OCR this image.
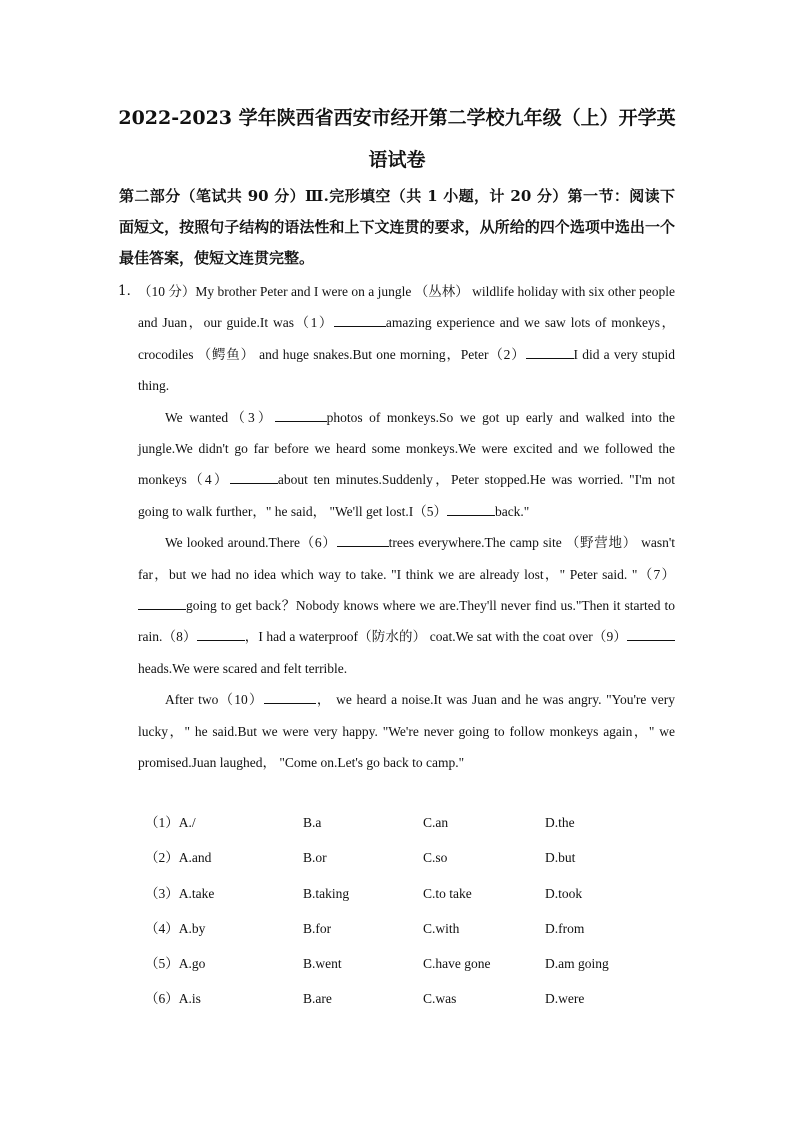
2022-2023 学年陕西省西安市经开第二学校九年级（上）开学英
语试卷
第二部分（笔试共 90 分）Ⅲ.完形填空（共 1 小题，计 20 分）第一节：阅读下面短文，按照句子结构的语法性和上下文连贯的要求，从所给的四个选项中选出一个最佳答案，使短文连贯完整。
1．

（10 分）My brother Peter and I were on a jungle （丛林） wildlife holiday with six other people and Juan，our guide.It was（1）	amazing experience and we saw lots of monkeys，crocodiles （鳄鱼） and huge snakes.But one morning，Peter（2）	I did a very stupid thing.

We wanted（3）	photos of monkeys.So we got up early and walked into the jungle.We didn't go far before we heard some monkeys.We were excited and we followed the monkeys（4）	about ten minutes.Suddenly，Peter stopped.He was worried. "I'm not going to walk further，" he said， "We'll get lost.I（5）	back."

We looked around.There（6）	trees everywhere.The camp site （野营地） wasn't far，but we had no idea which way to take. "I think we are already lost，" Peter said. "（7）going to get back？Nobody knows where we are.They'll never find us."Then it started to rain.（8）	，I had a waterproof（防水的） coat.We sat with the coat over（9）heads.We were scared and felt terrible.

After two（10）	， we heard a noise.It was Juan and he was angry. "You're very lucky，" he said.But we were very happy. "We're never going to follow monkeys again，" we promised.Juan laughed， "Come on.Let's go back to camp."

（1）A./	B.a	C.an	D.the
（2）A.and	B.or	C.so	D.but
（3）A.take	B.taking	C.to take	D.took
（4）A.by	B.for	C.with	D.from
（5）A.go	B.went	C.have gone	D.am going
（6）A.is	B.are	C.was	D.were
